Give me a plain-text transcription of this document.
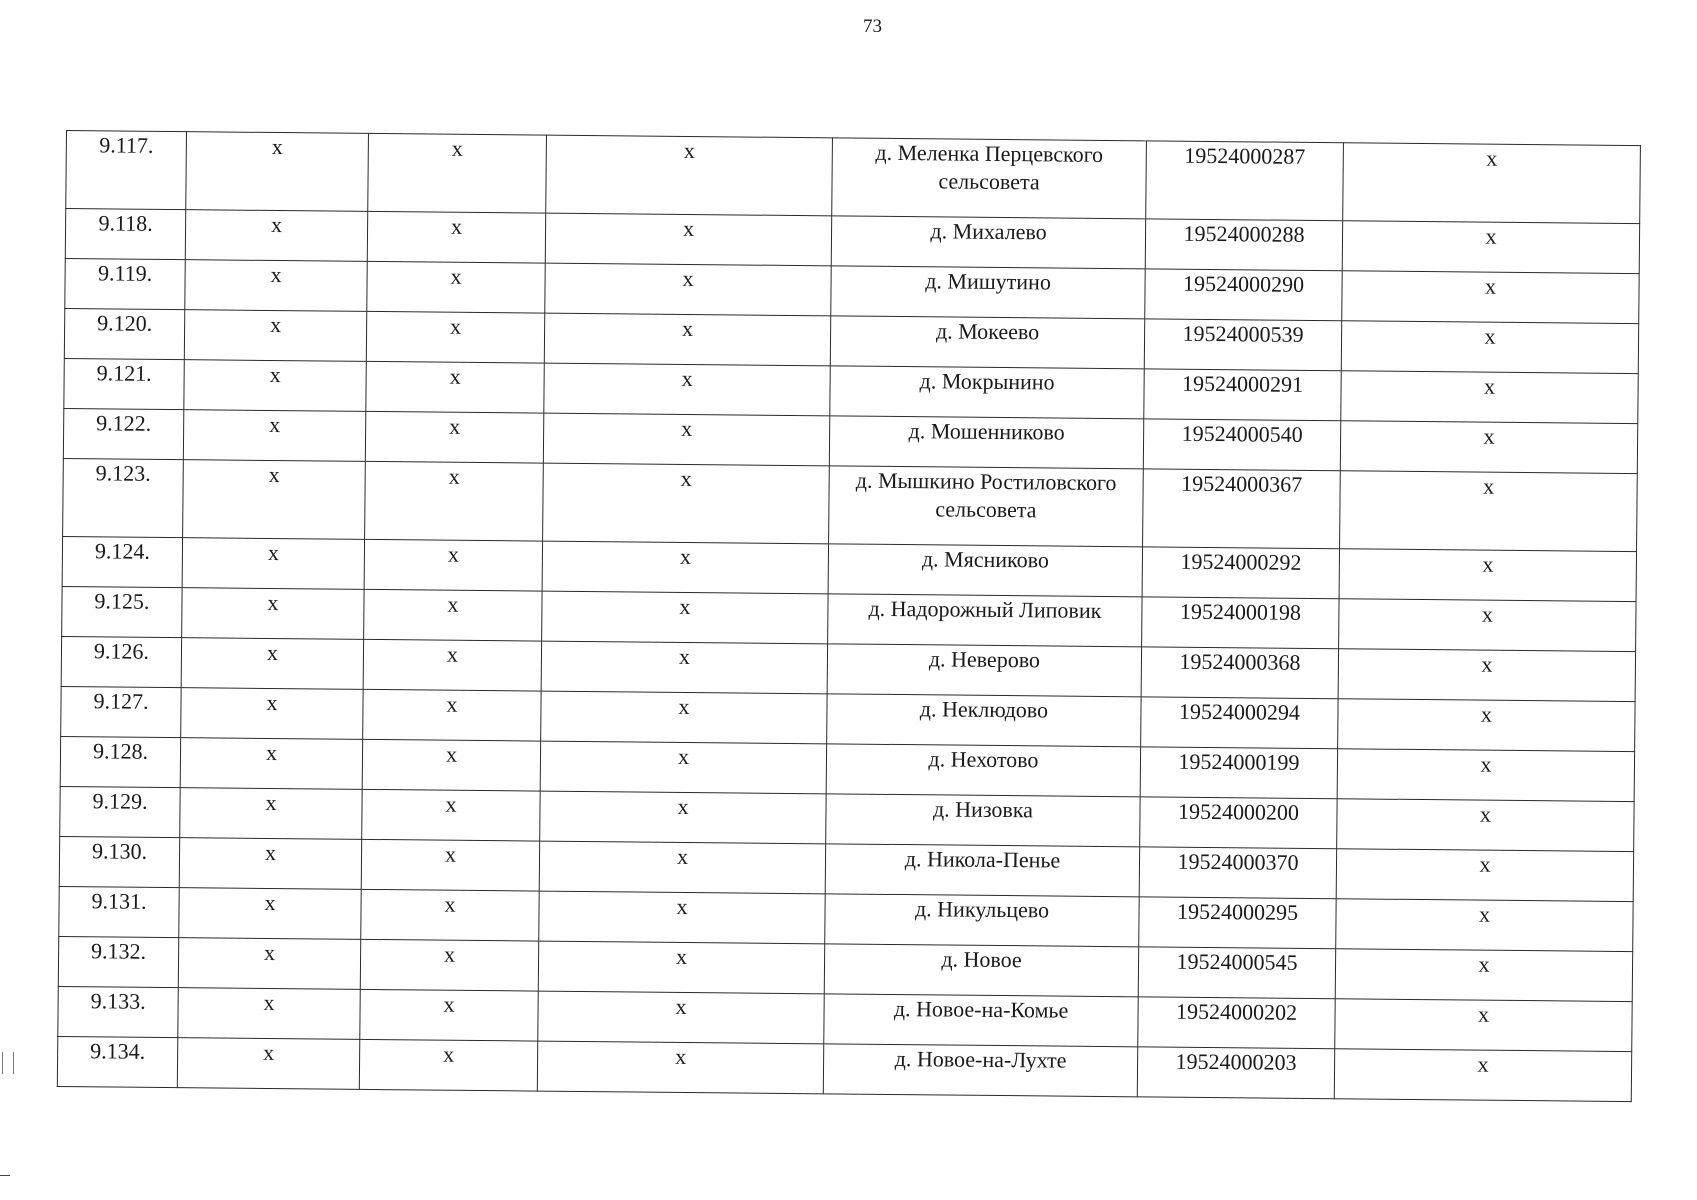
73
9.117.	x	x	x	д. Меленка Перцевского сельсовета	19524000287	x
9.118.	x	x	x	д. Михалево	19524000288	x
9.119.	x	x	x	д. Мишутино	19524000290	x
9.120.	x	x	x	д. Мокеево	19524000539	x
9.121.	x	x	x	д. Мокрынино	19524000291	x
9.122.	x	x	x	д. Мошенниково	19524000540	x
9.123.	x	x	x	д. Мышкино Ростиловского сельсовета	19524000367	x
9.124.	x	x	x	д. Мясниково	19524000292	x
9.125.	x	x	x	д. Надорожный Липовик	19524000198	x
9.126.	x	x	x	д. Неверово	19524000368	x
9.127.	x	x	x	д. Неклюдово	19524000294	x
9.128.	x	x	x	д. Нехотово	19524000199	x
9.129.	x	x	x	д. Низовка	19524000200	x
9.130.	x	x	x	д. Никола-Пенье	19524000370	x
9.131.	x	x	x	д. Никульцево	19524000295	x
9.132.	x	x	x	д. Новое	19524000545	x
9.133.	x	x	x	д. Новое-на-Комье	19524000202	x
9.134.	x	x	x	д. Новое-на-Лухте	19524000203	x
